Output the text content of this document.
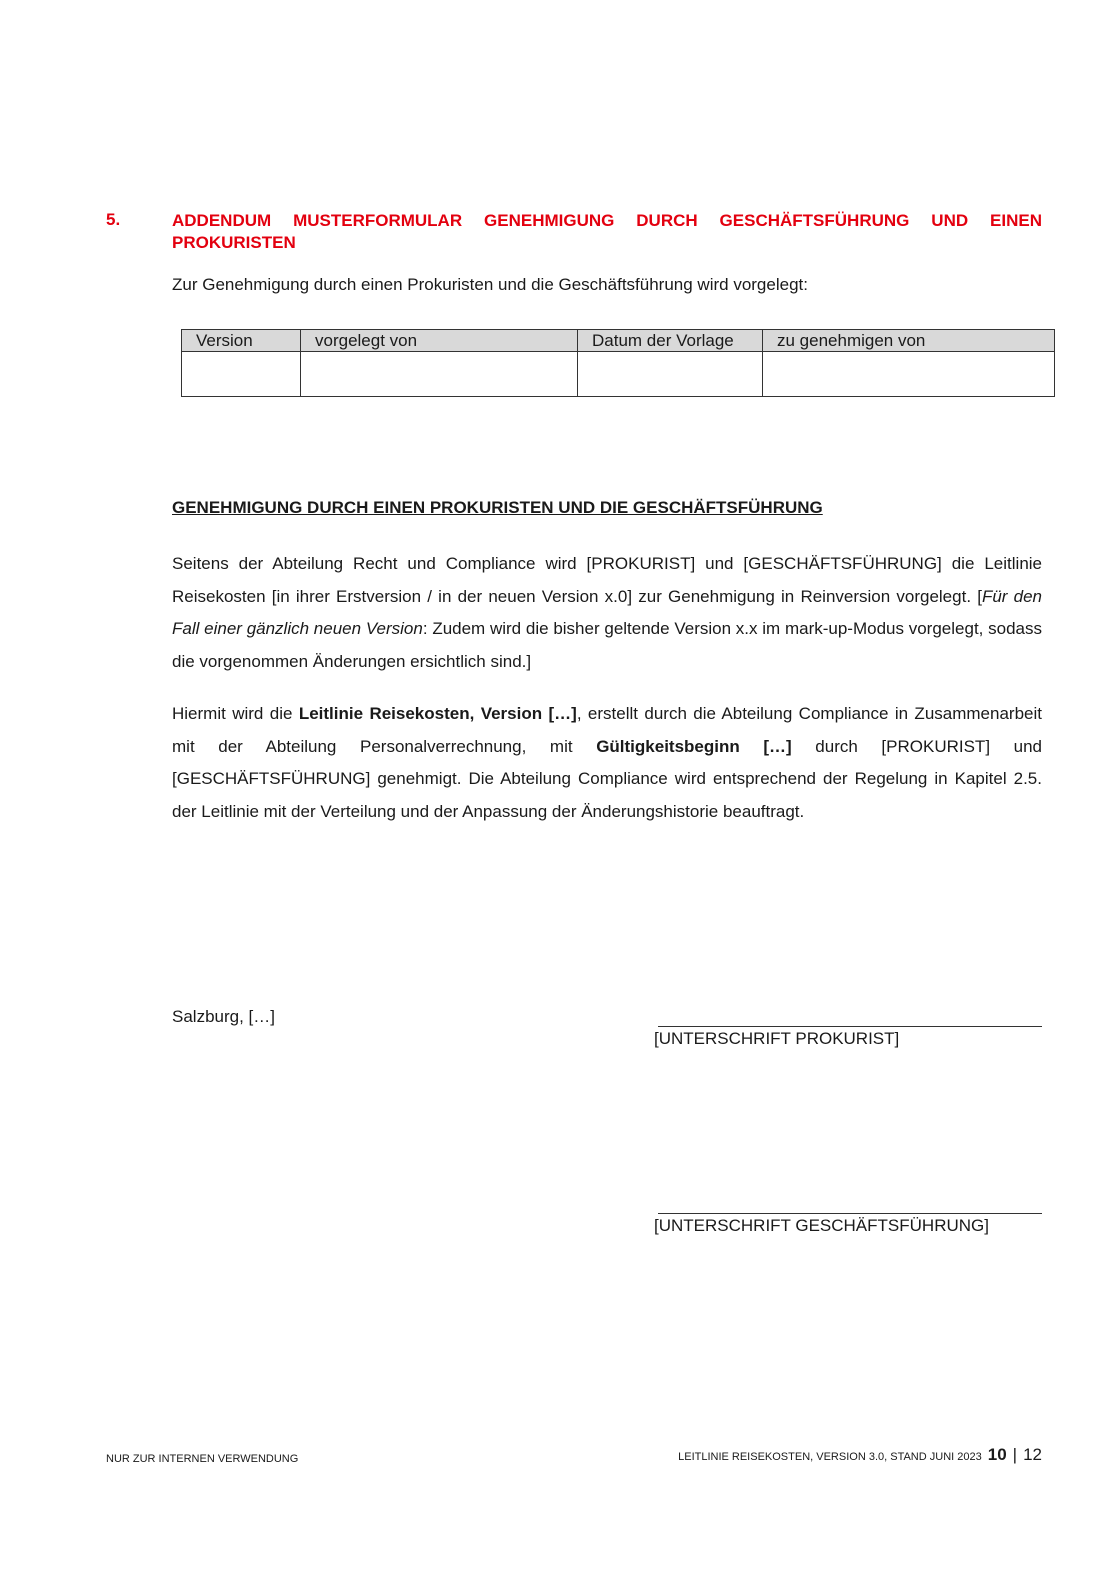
5.	ADDENDUM MUSTERFORMULAR GENEHMIGUNG DURCH GESCHÄFTSFÜHRUNG UND EINEN PROKURISTEN
Zur Genehmigung durch einen Prokuristen und die Geschäftsführung wird vorgelegt:
Version	vorgelegt von	Datum der Vorlage	zu genehmigen von

GENEHMIGUNG DURCH EINEN PROKURISTEN UND DIE GESCHÄFTSFÜHRUNG
Seitens der Abteilung Recht und Compliance wird [PROKURIST] und [GESCHÄFTSFÜHRUNG] die Leitlinie Reisekosten [in ihrer Erstversion / in der neuen Version x.0] zur Genehmigung in Reinversion vorgelegt. [Für den Fall einer gänzlich neuen Version: Zudem wird die bisher geltende Version x.x im mark-up-Modus vorgelegt, sodass die vorgenommen Änderungen ersichtlich sind.]
Hiermit wird die Leitlinie Reisekosten, Version […], erstellt durch die Abteilung Compliance in Zusammenarbeit mit der Abteilung Personalverrechnung, mit Gültigkeitsbeginn […] durch [PROKURIST] und [GESCHÄFTSFÜHRUNG] genehmigt. Die Abteilung Compliance wird entsprechend der Regelung in Kapitel 2.5. der Leitlinie mit der Verteilung und der Anpassung der Änderungshistorie beauftragt.
Salzburg, […]
[UNTERSCHRIFT PROKURIST]
[UNTERSCHRIFT GESCHÄFTSFÜHRUNG]
NUR ZUR INTERNEN VERWENDUNG	LEITLINIE REISEKOSTEN, VERSION 3.0, STAND JUNI 2023 10 | 12
